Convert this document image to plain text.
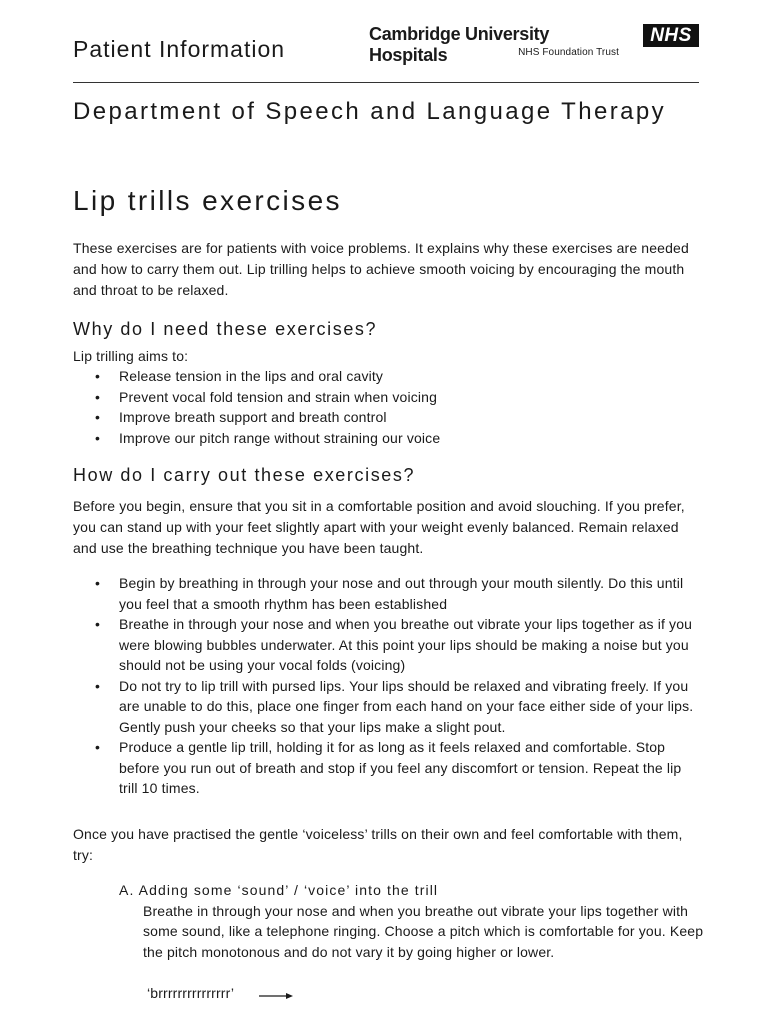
Patient Information
Cambridge University Hospitals	NHS Foundation Trust
NHS
Department of Speech and Language Therapy
Lip trills exercises
These exercises are for patients with voice problems. It explains why these exercises are needed and how to carry them out. Lip trilling helps to achieve smooth voicing by encouraging the mouth and throat to be relaxed.
Why do I need these exercises?
Lip trilling aims to:
• Release tension in the lips and oral cavity
• Prevent vocal fold tension and strain when voicing
• Improve breath support and breath control
• Improve our pitch range without straining our voice
How do I carry out these exercises?
Before you begin, ensure that you sit in a comfortable position and avoid slouching. If you prefer, you can stand up with your feet slightly apart with your weight evenly balanced. Remain relaxed and use the breathing technique you have been taught.
• Begin by breathing in through your nose and out through your mouth silently. Do this until you feel that a smooth rhythm has been established
• Breathe in through your nose and when you breathe out vibrate your lips together as if you were blowing bubbles underwater. At this point your lips should be making a noise but you should not be using your vocal folds (voicing)
• Do not try to lip trill with pursed lips. Your lips should be relaxed and vibrating freely. If you are unable to do this, place one finger from each hand on your face either side of your lips. Gently push your cheeks so that your lips make a slight pout.
• Produce a gentle lip trill, holding it for as long as it feels relaxed and comfortable. Stop before you run out of breath and stop if you feel any discomfort or tension. Repeat the lip trill 10 times.
Once you have practised the gentle ‘voiceless’ trills on their own and feel comfortable with them, try:
A. Adding some ‘sound’ / ‘voice’ into the trill
Breathe in through your nose and when you breathe out vibrate your lips together with some sound, like a telephone ringing. Choose a pitch which is comfortable for you. Keep the pitch monotonous and do not vary it by going higher or lower.
‘brrrrrrrrrrrrrrr’
